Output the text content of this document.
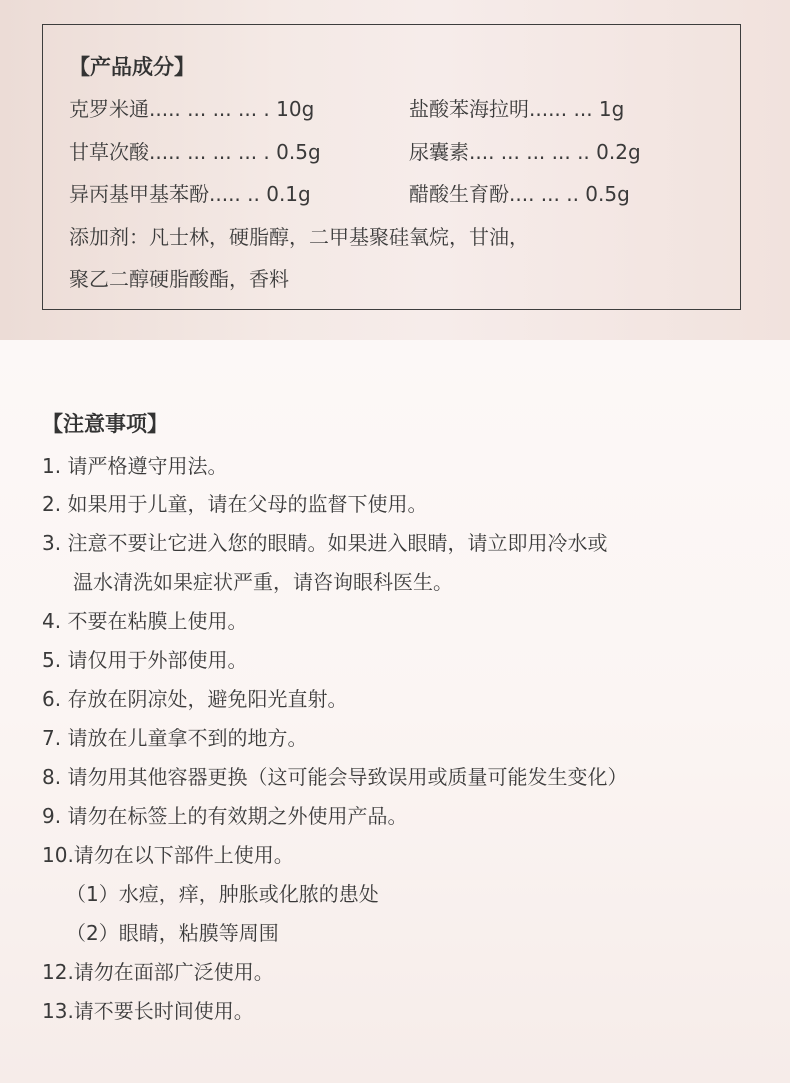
【产品成分】
克罗米通..... ... ... ... . 10g	盐酸苯海拉明...... ... 1g
甘草次酸..... ... ... ... . 0.5g	尿囊素.... ... ... ... .. 0.2g
异丙基甲基苯酚..... .. 0.1g	醋酸生育酚.... ... .. 0.5g
添加剂：凡士林，硬脂醇，二甲基聚硅氧烷，甘油，
聚乙二醇硬脂酸酯，香料
【注意事项】
1. 请严格遵守用法。
2. 如果用于儿童，请在父母的监督下使用。
3. 注意不要让它进入您的眼睛。如果进入眼睛，请立即用冷水或
温水清洗如果症状严重，请咨询眼科医生。
4. 不要在粘膜上使用。
5. 请仅用于外部使用。
6. 存放在阴凉处，避免阳光直射。
7. 请放在儿童拿不到的地方。
8. 请勿用其他容器更换（这可能会导致误用或质量可能发生变化）
9. 请勿在标签上的有效期之外使用产品。
10.请勿在以下部件上使用。
（1）水痘，痒，肿胀或化脓的患处
（2）眼睛，粘膜等周围
12.请勿在面部广泛使用。
13.请不要长时间使用。
